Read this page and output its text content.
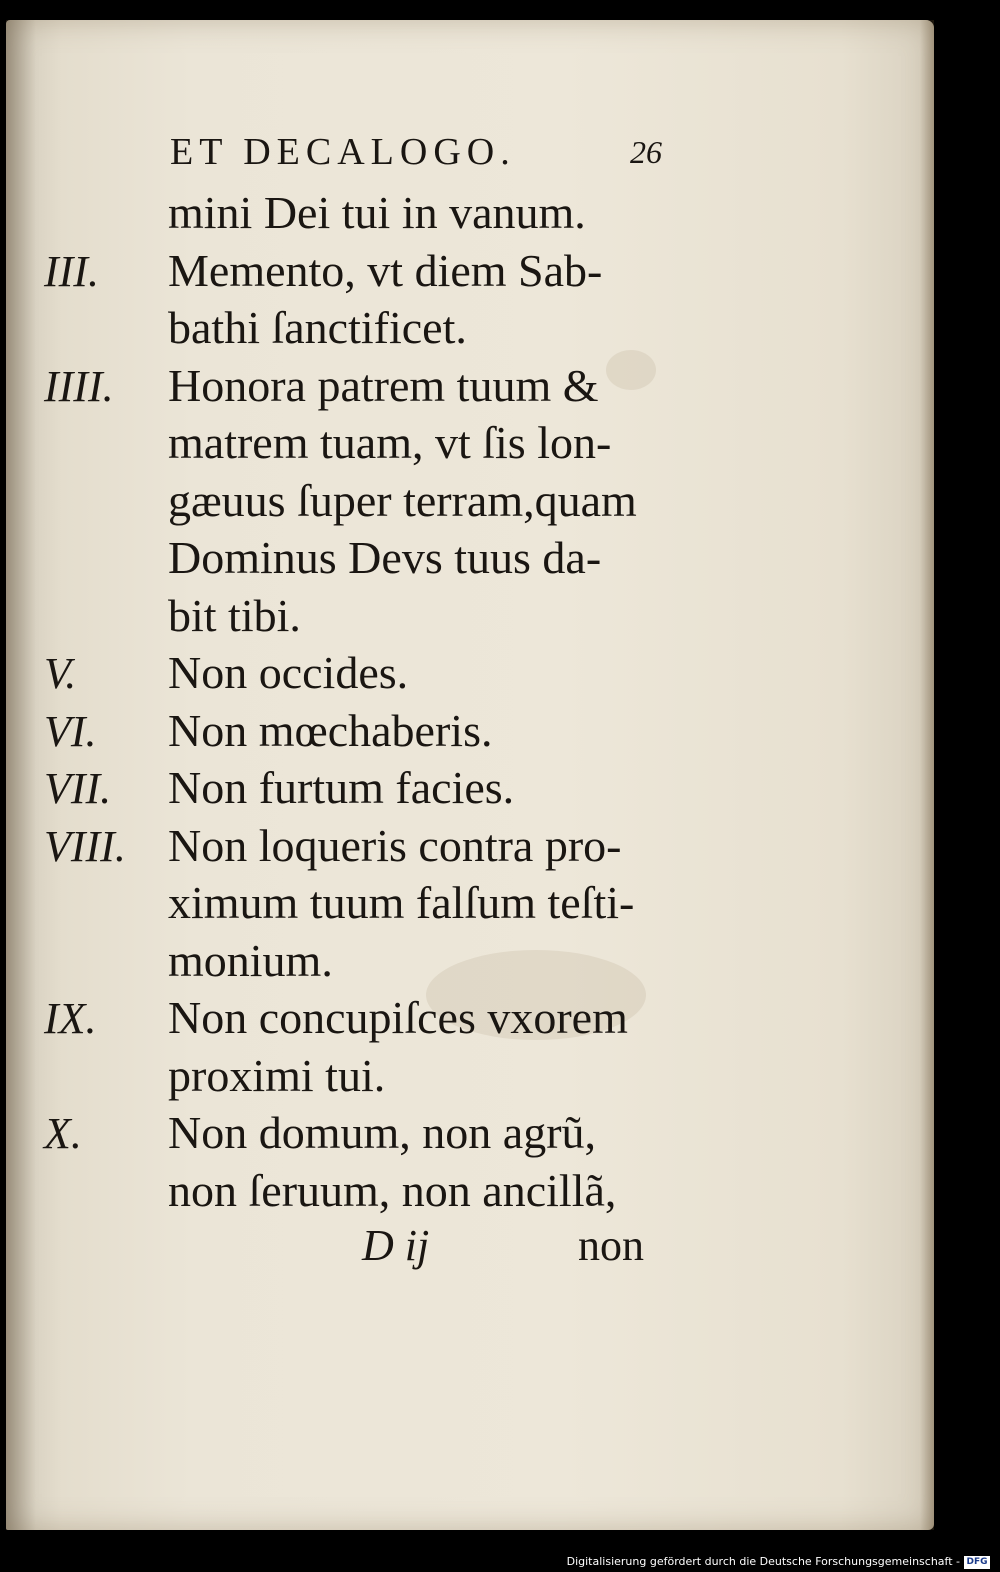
ET DECALOGO.	26
mini Dei tui in vanum.
III. Memento, vt diem Sab-
bathi ſanctificet.
IIII. Honora patrem tuum &
matrem tuam, vt ſis lon-
gæuus ſuper terram,quam
Dominus Devs tuus da-
bit tibi.
V. Non occides.
VI. Non mœchaberis.
VII. Non furtum facies.
VIII. Non loqueris contra pro-
ximum tuum falſum teſti-
monium.
IX. Non concupiſces vxorem
proximi tui.
X. Non domum, non agrũ,
non ſeruum, non ancillã,
D ij	non
Digitalisierung gefördert durch die Deutsche Forschungsgemeinschaft - DFG
